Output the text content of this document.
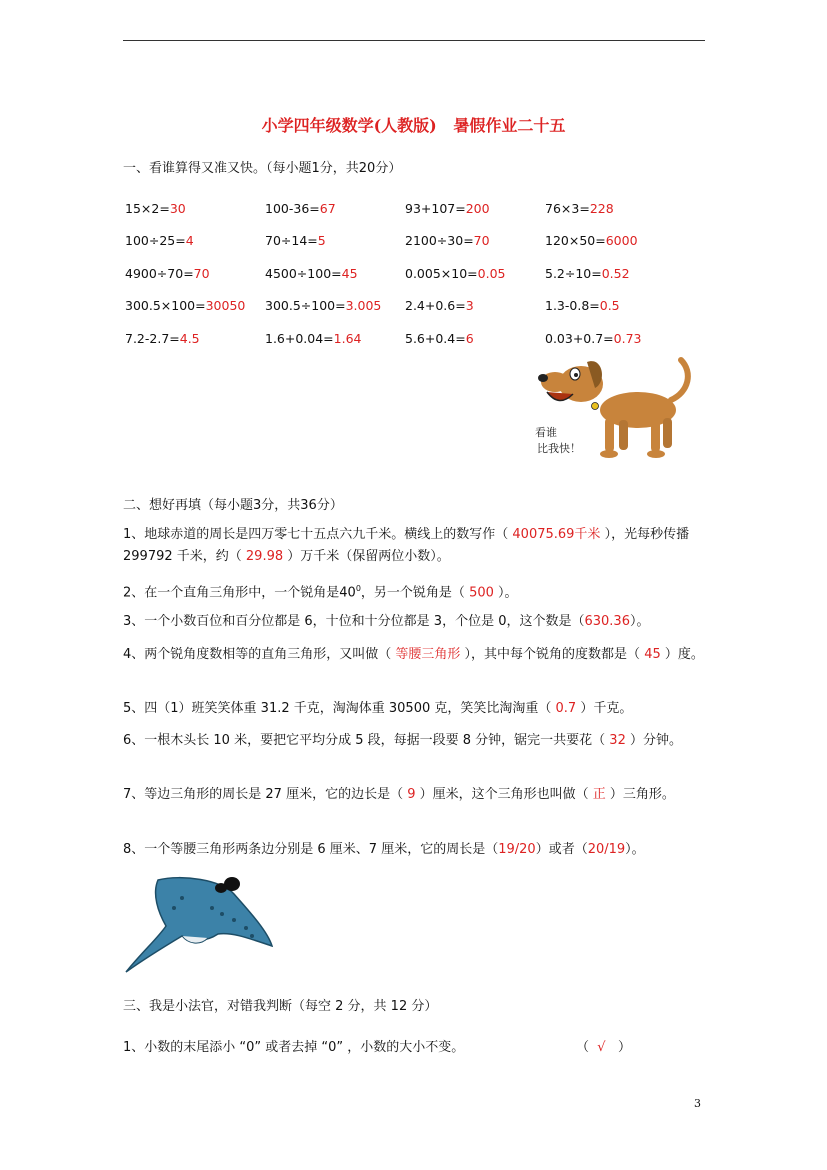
小学四年级数学(人教版)   暑假作业二十五
一、看谁算得又准又快。（每小题1分，共20分）
15×2=30	100-36=67	93+107=200	76×3=228
100÷25=4	70÷14=5	2100÷30=70	120×50=6000
4900÷70=70	4500÷100=45	0.005×10=0.05	5.2÷10=0.52
300.5×100=30050	300.5÷100=3.005	2.4+0.6=3	1.3-0.8=0.5
7.2-2.7=4.5	1.6+0.04=1.64	5.6+0.4=6	0.03+0.7=0.73
看谁
比我快！
二、想好再填（每小题3分，共36分）
1、地球赤道的周长是四万零七十五点六九千米。横线上的数写作（ 40075.69千米 ），光每秒传播 299792 千米，约（ 29.98 ）万千米（保留两位小数）。
2、在一个直角三角形中，一个锐角是$40^0$，另一个锐角是（ 500 ）。
3、一个小数百位和百分位都是 6，十位和十分位都是 3，个位是 0，这个数是（630.36）。
4、两个锐角度数相等的直角三角形，又叫做（ 等腰三角形 ），其中每个锐角的度数都是（ 45 ）度。
5、四（1）班笑笑体重 31.2 千克，淘淘体重 30500 克，笑笑比淘淘重（ 0.7 ）千克。
6、一根木头长 10 米，要把它平均分成 5 段，每据一段要 8 分钟，锯完一共要花（ 32 ）分钟。
7、等边三角形的周长是 27 厘米，它的边长是（ 9 ）厘米，这个三角形也叫做（ 正 ）三角形。
8、一个等腰三角形两条边分别是 6 厘米、7 厘米，它的周长是（19/20）或者（20/19）。
三、我是小法官，对错我判断（每空 2 分，共 12 分）
1、小数的末尾添小 “0” 或者去掉 “0” ，小数的大小不变。	（ √ ）
3
